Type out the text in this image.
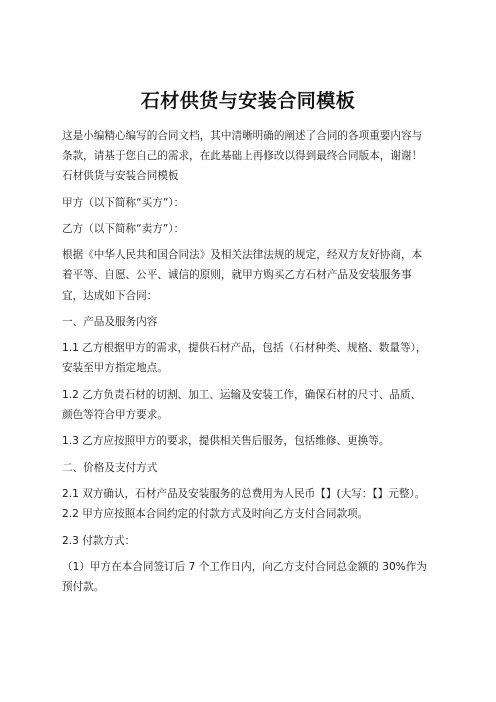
石材供货与安装合同模板
这是小编精心编写的合同文档，其中清晰明确的阐述了合同的各项重要内容与
条款，请基于您自己的需求，在此基础上再修改以得到最终合同版本，谢谢！
石材供货与安装合同模板
甲方（以下简称“买方”）：
乙方（以下简称“卖方”）：
根据《中华人民共和国合同法》及相关法律法规的规定，经双方友好协商，本
着平等、自愿、公平、诚信的原则，就甲方购买乙方石材产品及安装服务事
宜，达成如下合同：
一、产品及服务内容
1.1 乙方根据甲方的需求，提供石材产品，包括（石材种类、规格、数量等），
安装至甲方指定地点。
1.2 乙方负责石材的切割、加工、运输及安装工作，确保石材的尺寸、品质、
颜色等符合甲方要求。
1.3 乙方应按照甲方的要求，提供相关售后服务，包括维修、更换等。
二、价格及支付方式
2.1 双方确认，石材产品及安装服务的总费用为人民币【】(大写：【】元整）。
2.2 甲方应按照本合同约定的付款方式及时向乙方支付合同款项。
2.3 付款方式：
（1）甲方在本合同签订后 7 个工作日内，向乙方支付合同总金额的 30%作为
预付款。
